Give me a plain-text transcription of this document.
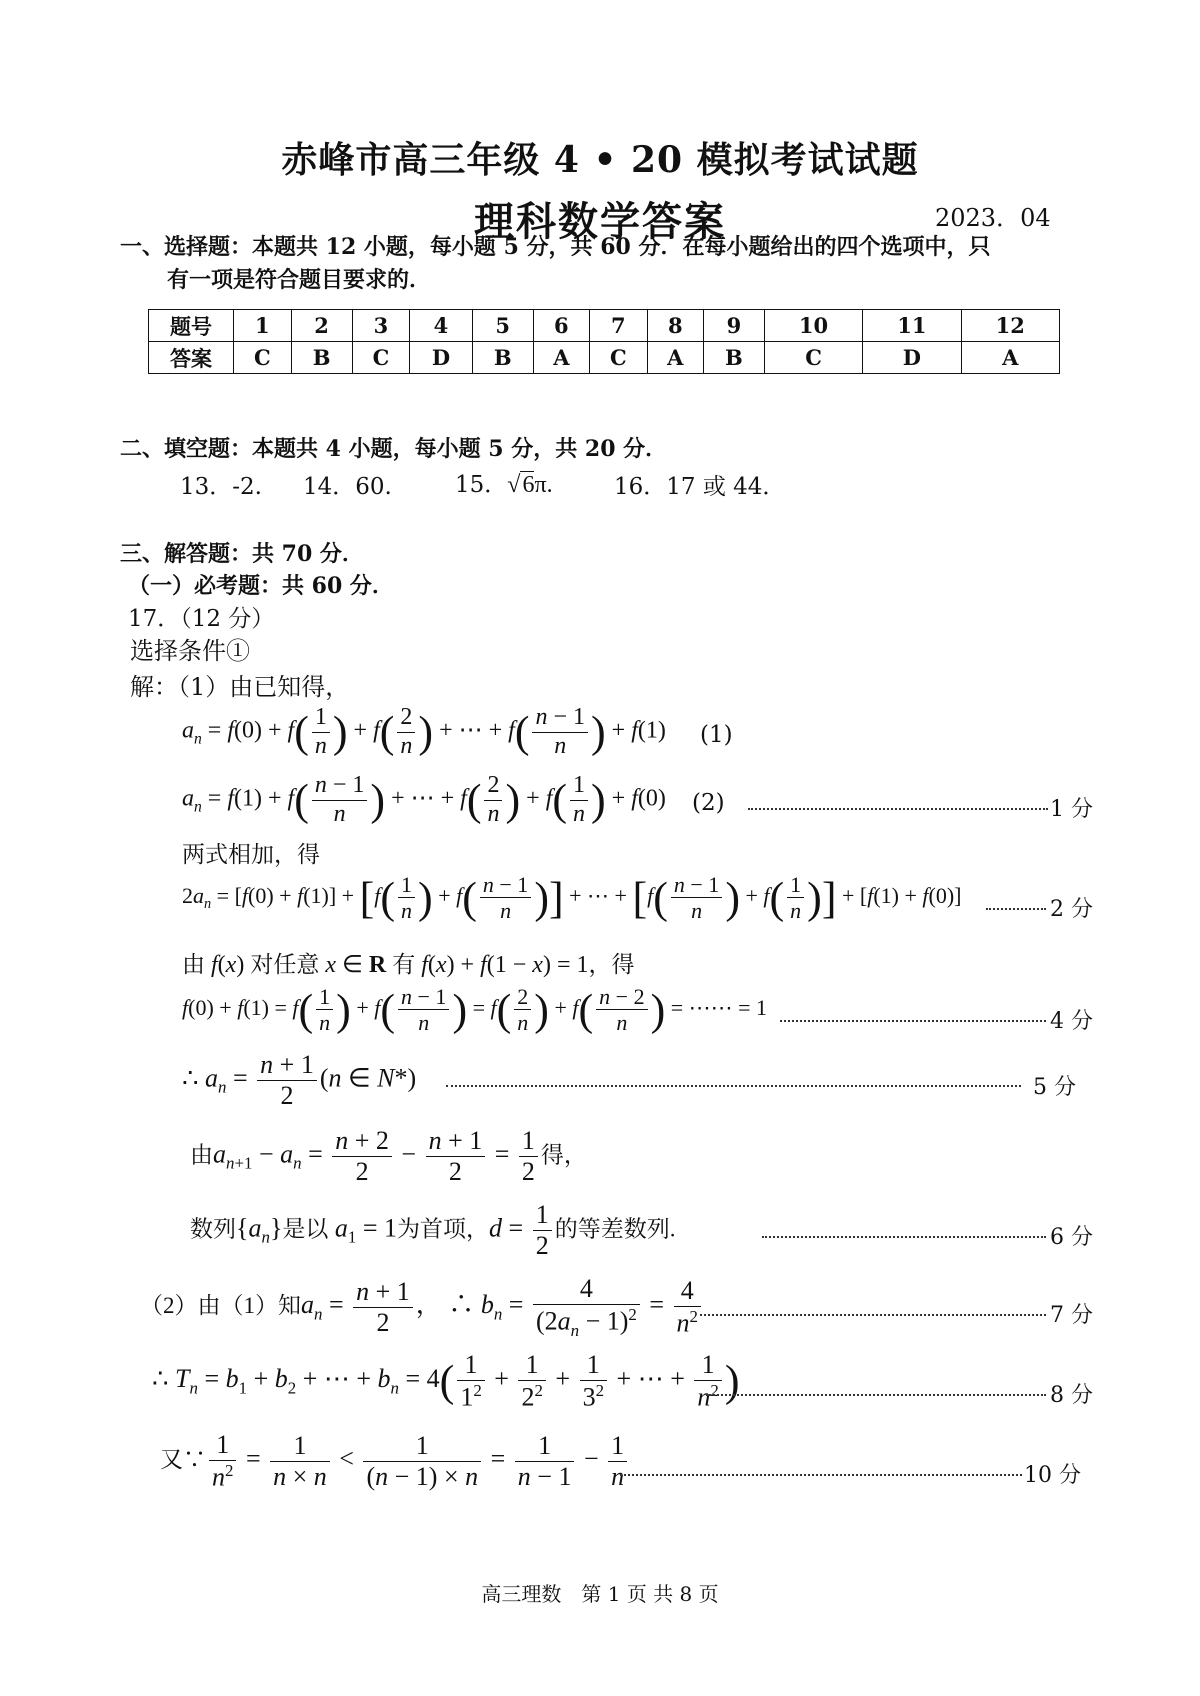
赤峰市高三年级 4 • 20 模拟考试试题
理科数学答案	2023．04
一、选择题：本题共 12 小题，每小题 5 分，共 60 分．在每小题给出的四个选项中，只
有一项是符合题目要求的．
题号	1	2	3	4	5	6	7	8	9	10	11	12
答案	C	B	C	D	B	A	C	A	B	C	D	A
二、填空题：本题共 4 小题，每小题 5 分，共 20 分．
13．-2. 14．60.	15．√6π.	16．17 或 44．
三、解答题：共 70 分．
（一）必考题：共 60 分．
17．（12 分）
选择条件①
解：（1）由已知得，
$a_n = f(0) + f( \frac{1}{n}$ ) + $f( \frac{2}{n}$ ) + ⋯ + $f( \frac{n - 1}{n}$ ) + f(1) (1)
$a_n = f(1) + f( \frac{n - 1}{n}$ ) + ⋯ + $f( \frac{2}{n}$ ) + $f( \frac{1}{n}$ ) + f(0) (2)	1 分
两式相加，得
$2a_n = [f(0) + f(1)] + [f( \frac{1}{n}$ ) + $f( \frac{n - 1}{n}$ )] + ⋯ + [$f( \frac{n - 1}{n}$ ) + $f( \frac{1}{n}$ )] + [f(1) + f(0)]
2 分
由 f(x) 对任意 x ∈ R 有 f(x) + f(1 − x) = 1，得
$f(0) + f(1) = f( \frac{1}{n}$ ) + $f( \frac{n - 1}{n}$ ) = $f( \frac{2}{n}$ ) + $f( \frac{n - 2}{n}$ ) = ⋯⋯ = 1
4 分
∴ $a_n = \frac{n + 1}{2} (n$ ∈ N*)	5 分
由$a_{n+1} - a_n = \frac{n + 2}{2} - \frac{n + 1}{2} = \frac{1}{2}$ 得，
数列$\{a_n\}$是以 $a_1 = 1$为首项，$d = \frac{1}{2}$ 的等差数列.	6 分
（2）由（1）知$a_n = \frac{n + 1}{2}$ ， ∴ $b_n = \frac{4}{(2a_n - 1)^2} = \frac{4}{n^2}$	7 分
∴ $T_n = b_1 + b_2$ + ⋯ + $b_n = 4( \frac{1}{1^2} + \frac{1}{2^2} + \frac{1}{3^2}$ + ⋯ + $\frac{1}{n^2}$ )	8 分
又∵ $\frac{1}{n^2} = \frac{1}{n \times n} < \frac{1}{(n - 1) \times n} = \frac{1}{n - 1} - \frac{1}{n}$	10 分
高三理数　第 1 页 共 8 页
